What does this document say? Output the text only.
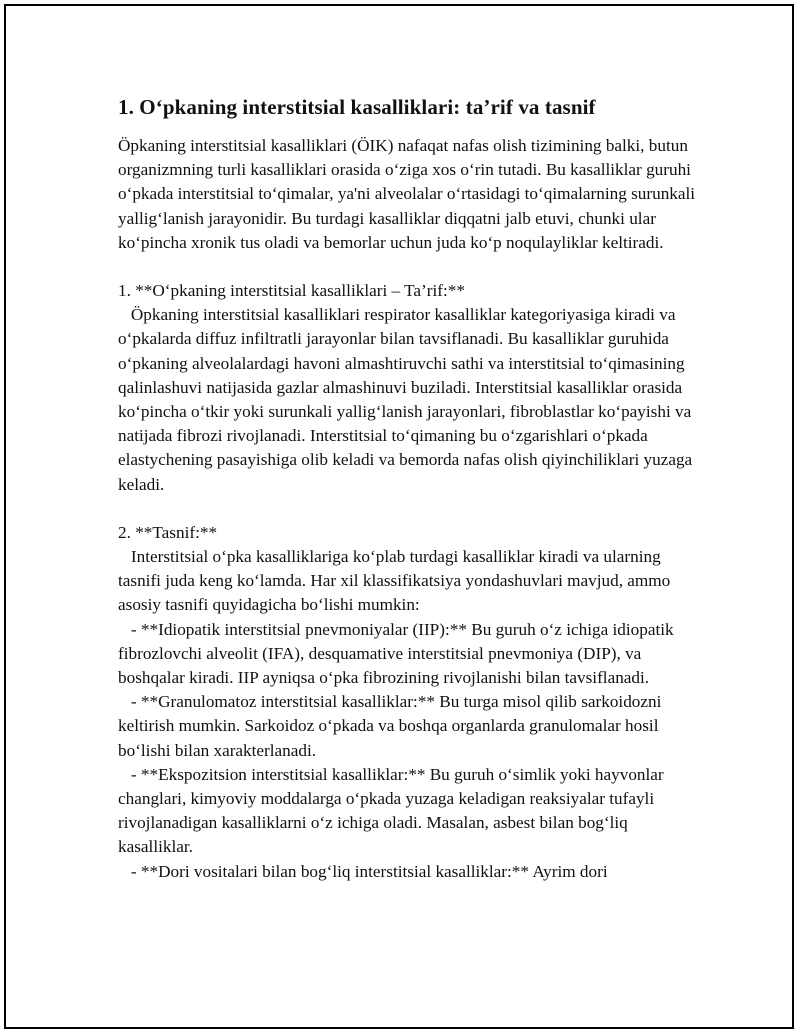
1. Oʻpkaning interstitsial kasalliklari: ta’rif va tasnif

Öpkaning interstitsial kasalliklari (ÖIK) nafaqat nafas olish tizimining balki, butun organizmning turli kasalliklari orasida oʻziga xos oʻrin tutadi. Bu kasalliklar guruhi oʻpkada interstitsial toʻqimalar, ya'ni alveolalar oʻrtasidagi toʻqimalarning surunkali yalligʻlanish jarayonidir. Bu turdagi kasalliklar diqqatni jalb etuvi, chunki ular koʻpincha xronik tus oladi va bemorlar uchun juda koʻp noqulayliklar keltiradi.

1. **Oʻpkaning interstitsial kasalliklari – Ta’rif:**

Öpkaning interstitsial kasalliklari respirator kasalliklar kategoriyasiga kiradi va oʻpkalarda diffuz infiltratli jarayonlar bilan tavsiflanadi. Bu kasalliklar guruhida oʻpkaning alveolalardagi havoni almashtiruvchi sathi va interstitsial toʻqimasining qalinlashuvi natijasida gazlar almashinuvi buziladi. Interstitsial kasalliklar orasida koʻpincha oʻtkir yoki surunkali yalligʻlanish jarayonlari, fibroblastlar koʻpayishi va natijada fibrozi rivojlanadi. Interstitsial toʻqimaning bu oʻzgarishlari oʻpkada elastychening pasayishiga olib keladi va bemorda nafas olish qiyinchiliklari yuzaga keladi.

2. **Tasnif:**

Interstitsial oʻpka kasalliklariga koʻplab turdagi kasalliklar kiradi va ularning tasnifi juda keng koʻlamda. Har xil klassifikatsiya yondashuvlari mavjud, ammo asosiy tasnifi quyidagicha boʻlishi mumkin:

- **Idiopatik interstitsial pnevmoniyalar (IIP):** Bu guruh oʻz ichiga idiopatik fibrozlovchi alveolit (IFA), desquamative interstitsial pnevmoniya (DIP), va boshqalar kiradi. IIP ayniqsa oʻpka fibrozining rivojlanishi bilan tavsiflanadi.

- **Granulomatoz interstitsial kasalliklar:** Bu turga misol qilib sarkoidozni keltirish mumkin. Sarkoidoz oʻpkada va boshqa organlarda granulomalar hosil boʻlishi bilan xarakterlanadi.

- **Ekspozitsion interstitsial kasalliklar:** Bu guruh oʻsimlik yoki hayvonlar changlari, kimyoviy moddalarga oʻpkada yuzaga keladigan reaksiyalar tufayli rivojlanadigan kasalliklarni oʻz ichiga oladi. Masalan, asbest bilan bogʻliq kasalliklar.

- **Dori vositalari bilan bogʻliq interstitsial kasalliklar:** Ayrim dori
